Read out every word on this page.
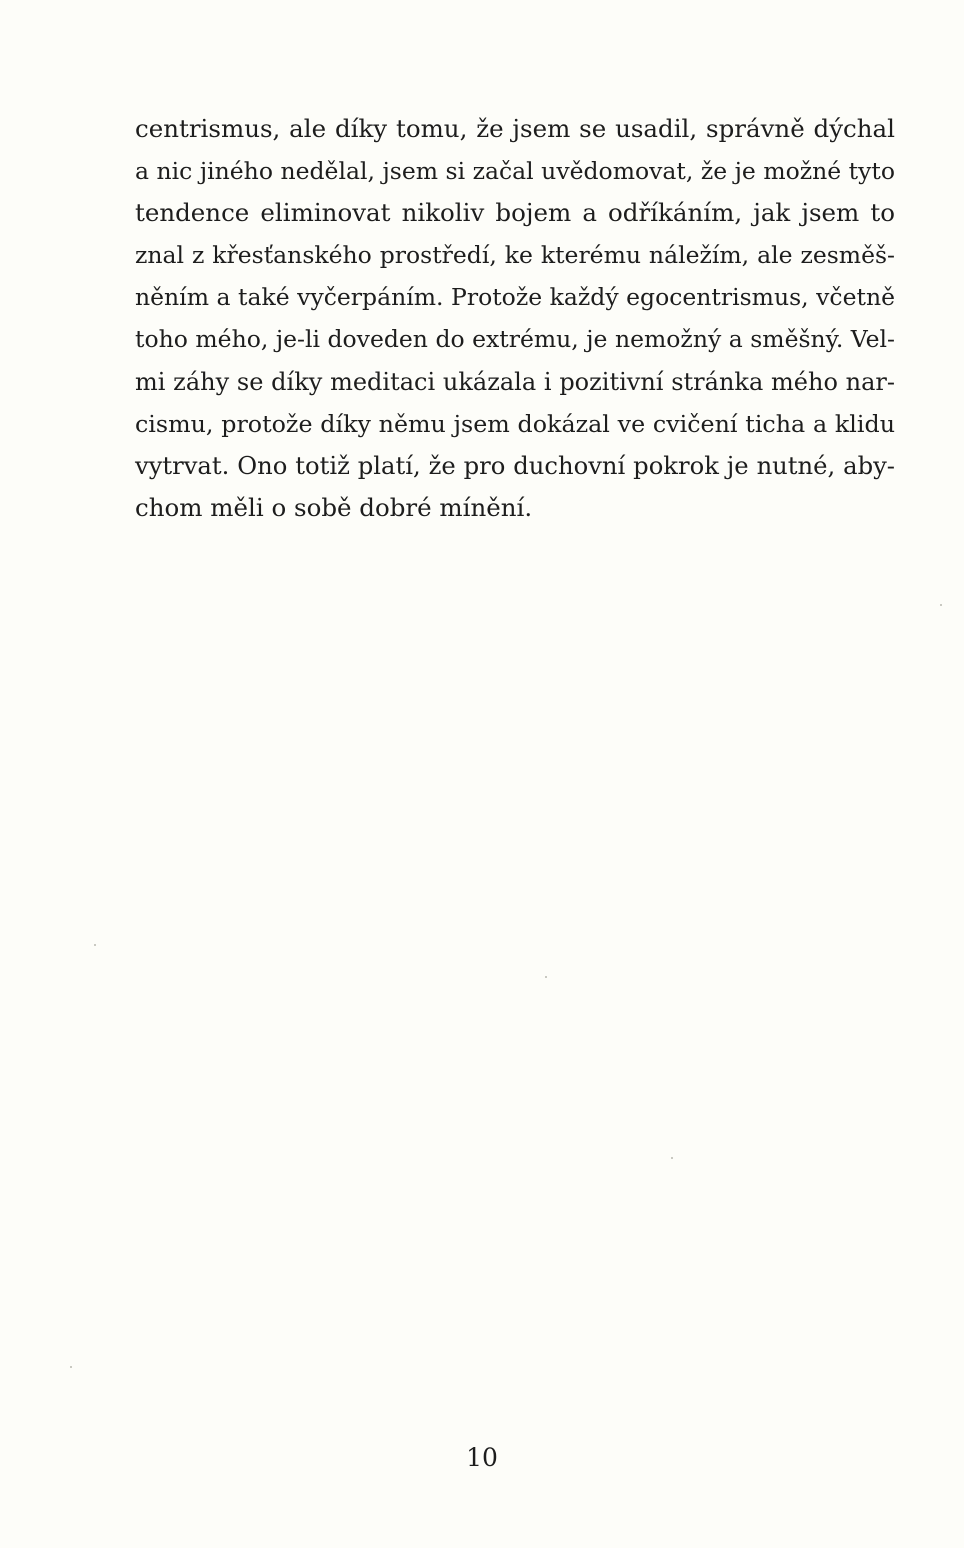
centrismus, ale díky tomu, že jsem se usadil, správně dýchal
a nic jiného nedělal, jsem si začal uvědomovat, že je možné tyto
tendence eliminovat nikoliv bojem a odříkáním, jak jsem to
znal z křesťanského prostředí, ke kterému náležím, ale zesměš-
něním a také vyčerpáním. Protože každý egocentrismus, včetně
toho mého, je-li doveden do extrému, je nemožný a směšný. Vel-
mi záhy se díky meditaci ukázala i pozitivní stránka mého nar-
cismu, protože díky němu jsem dokázal ve cvičení ticha a klidu
vytrvat. Ono totiž platí, že pro duchovní pokrok je nutné, aby-
chom měli o sobě dobré mínění.
10
